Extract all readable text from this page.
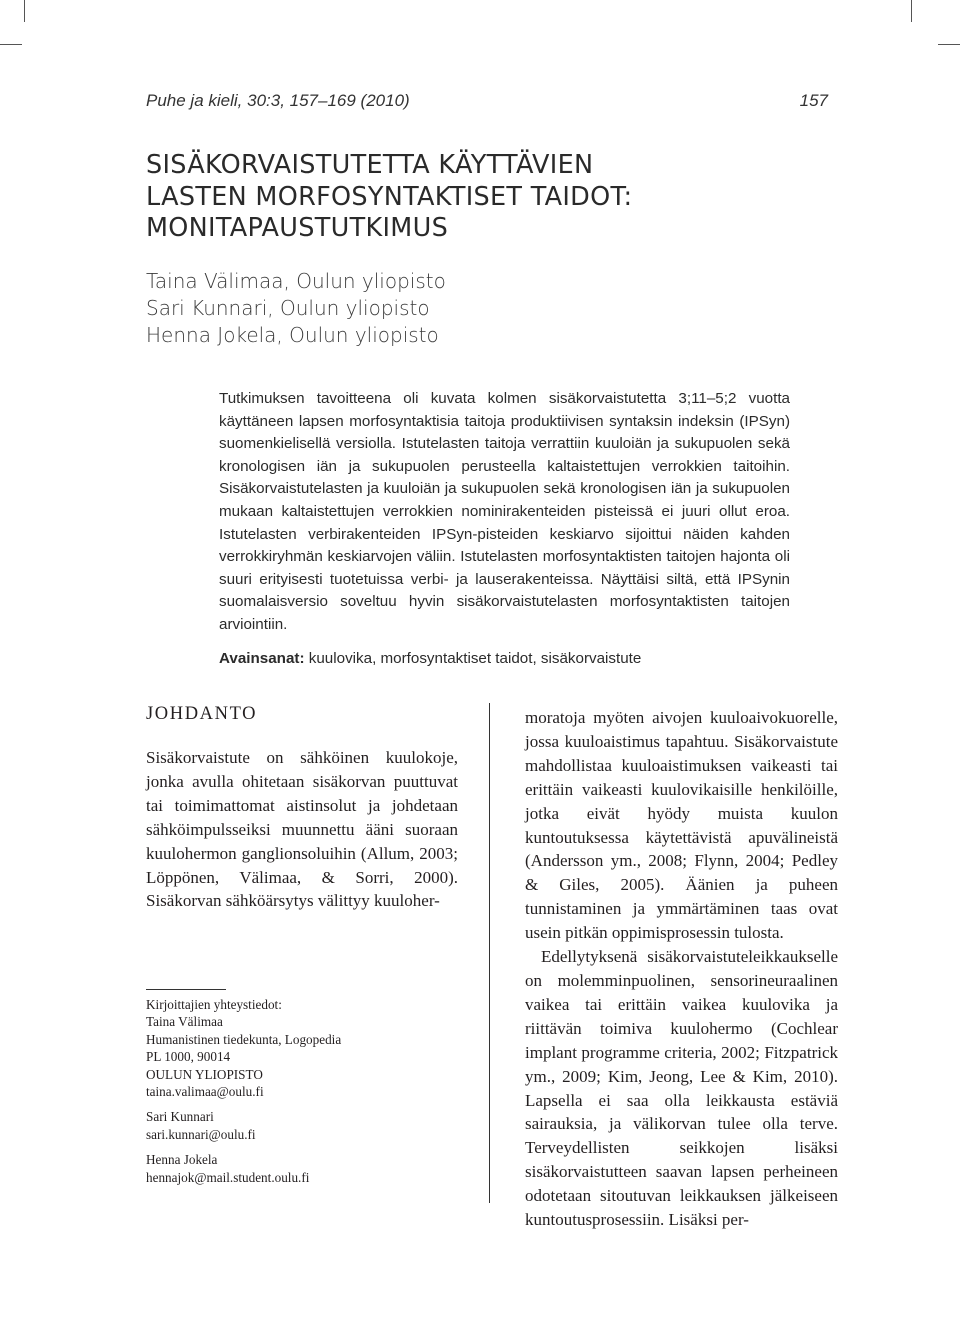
Puhe ja kieli, 30:3, 157–169 (2010)	157
SISÄKORVAISTUTETTA KÄYTTÄVIEN
LASTEN MORFOSYNTAKTISET TAIDOT:
MONITAPAUSTUTKIMUS
Taina Välimaa, Oulun yliopisto
Sari Kunnari, Oulun yliopisto
Henna Jokela, Oulun yliopisto

Tutkimuksen tavoitteena oli kuvata kolmen sisäkorvaistutetta 3;11–5;2 vuotta käyttäneen lapsen morfosyntaktisia taitoja produktiivisen syntaksin indeksin (IPSyn) suomenkielisellä versiolla. Istutelasten taitoja verrattiin kuuloiän ja sukupuolen sekä kronologisen iän ja sukupuolen perusteella kaltaistettujen verrokkien taitoihin. Sisäkorvaistutelasten ja kuuloiän ja sukupuolen sekä kronologisen iän ja sukupuolen mukaan kaltaistettujen verrokkien nominirakenteiden pisteissä ei juuri ollut eroa. Istutelasten verbirakenteiden IPSyn-pisteiden keskiarvo sijoittui näiden kahden verrokkiryhmän keskiarvojen väliin. Istutelasten morfosyntaktisten taitojen hajonta oli suuri erityisesti tuotetuissa verbi- ja lauserakenteissa. Näyttäisi siltä, että IPSynin suomalaisversio soveltuu hyvin sisäkorvaistutelasten morfosyntaktisten taitojen arviointiin.

Avainsanat: kuulovika, morfosyntaktiset taidot, sisäkorvaistute
JOHDANTO

Sisäkorvaistute on sähköinen kuulokoje, jonka avulla ohitetaan sisäkorvan puuttuvat tai toimimattomat aistinsolut ja johdetaan sähköimpulsseiksi muunnettu ääni suoraan kuulohermon ganglionsoluihin (Allum, 2003; Löppönen, Välimaa, & Sorri, 2000). Sisäkorvan sähköärsytys välittyy kuuloher-

moratoja myöten aivojen kuuloaivokuorelle, jossa kuuloaistimus tapahtuu. Sisäkorvaistute mahdollistaa kuuloaistimuksen vaikeasti tai erittäin vaikeasti kuulovikaisille henkilöille, jotka eivät hyödy muista kuulon kuntoutuksessa käytettävistä apuvälineistä (Andersson ym., 2008; Flynn, 2004; Pedley & Giles, 2005). Äänien ja puheen tunnistaminen ja ymmärtäminen taas ovat usein pitkän oppimisprosessin tulosta.

Edellytyksenä sisäkorvaistuteleikkaukselle on molemminpuolinen, sensorineuraalinen vaikea tai erittäin vaikea kuulovika ja riittävän toimiva kuulohermo (Cochlear implant programme criteria, 2002; Fitzpatrick ym., 2009; Kim, Jeong, Lee & Kim, 2010). Lapsella ei saa olla leikkausta estäviä sairauksia, ja välikorvan tulee olla terve. Terveydellisten seikkojen lisäksi sisäkorvaistutteen saavan lapsen perheineen odotetaan sitoutuvan leikkauksen jälkeiseen kuntoutusprosessiin. Lisäksi per-

Kirjoittajien yhteystiedot:
Taina Välimaa
Humanistinen tiedekunta, Logopedia
PL 1000, 90014
OULUN YLIOPISTO
taina.valimaa@oulu.fi
Sari Kunnari
sari.kunnari@oulu.fi
Henna Jokela
hennajok@mail.student.oulu.fi
